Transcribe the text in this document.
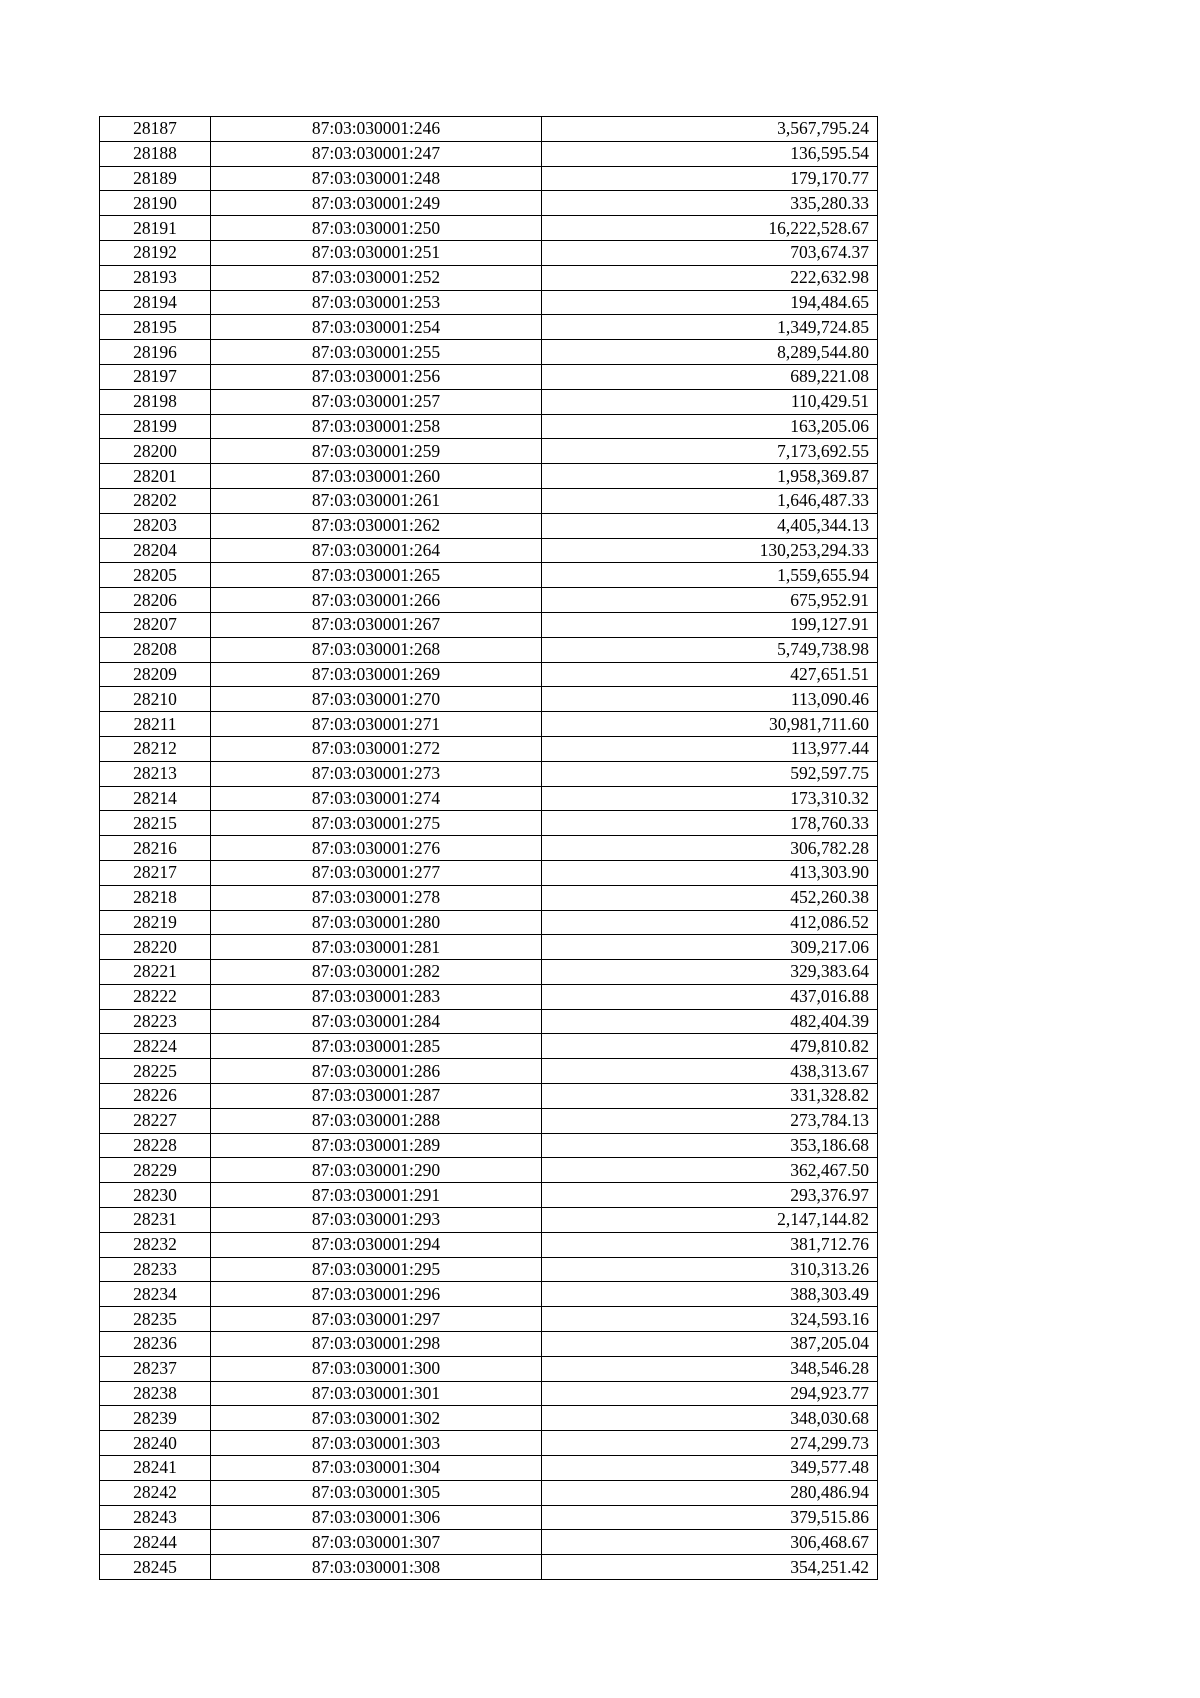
28187	87:03:030001:246	3,567,795.24
28188	87:03:030001:247	136,595.54
28189	87:03:030001:248	179,170.77
28190	87:03:030001:249	335,280.33
28191	87:03:030001:250	16,222,528.67
28192	87:03:030001:251	703,674.37
28193	87:03:030001:252	222,632.98
28194	87:03:030001:253	194,484.65
28195	87:03:030001:254	1,349,724.85
28196	87:03:030001:255	8,289,544.80
28197	87:03:030001:256	689,221.08
28198	87:03:030001:257	110,429.51
28199	87:03:030001:258	163,205.06
28200	87:03:030001:259	7,173,692.55
28201	87:03:030001:260	1,958,369.87
28202	87:03:030001:261	1,646,487.33
28203	87:03:030001:262	4,405,344.13
28204	87:03:030001:264	130,253,294.33
28205	87:03:030001:265	1,559,655.94
28206	87:03:030001:266	675,952.91
28207	87:03:030001:267	199,127.91
28208	87:03:030001:268	5,749,738.98
28209	87:03:030001:269	427,651.51
28210	87:03:030001:270	113,090.46
28211	87:03:030001:271	30,981,711.60
28212	87:03:030001:272	113,977.44
28213	87:03:030001:273	592,597.75
28214	87:03:030001:274	173,310.32
28215	87:03:030001:275	178,760.33
28216	87:03:030001:276	306,782.28
28217	87:03:030001:277	413,303.90
28218	87:03:030001:278	452,260.38
28219	87:03:030001:280	412,086.52
28220	87:03:030001:281	309,217.06
28221	87:03:030001:282	329,383.64
28222	87:03:030001:283	437,016.88
28223	87:03:030001:284	482,404.39
28224	87:03:030001:285	479,810.82
28225	87:03:030001:286	438,313.67
28226	87:03:030001:287	331,328.82
28227	87:03:030001:288	273,784.13
28228	87:03:030001:289	353,186.68
28229	87:03:030001:290	362,467.50
28230	87:03:030001:291	293,376.97
28231	87:03:030001:293	2,147,144.82
28232	87:03:030001:294	381,712.76
28233	87:03:030001:295	310,313.26
28234	87:03:030001:296	388,303.49
28235	87:03:030001:297	324,593.16
28236	87:03:030001:298	387,205.04
28237	87:03:030001:300	348,546.28
28238	87:03:030001:301	294,923.77
28239	87:03:030001:302	348,030.68
28240	87:03:030001:303	274,299.73
28241	87:03:030001:304	349,577.48
28242	87:03:030001:305	280,486.94
28243	87:03:030001:306	379,515.86
28244	87:03:030001:307	306,468.67
28245	87:03:030001:308	354,251.42
